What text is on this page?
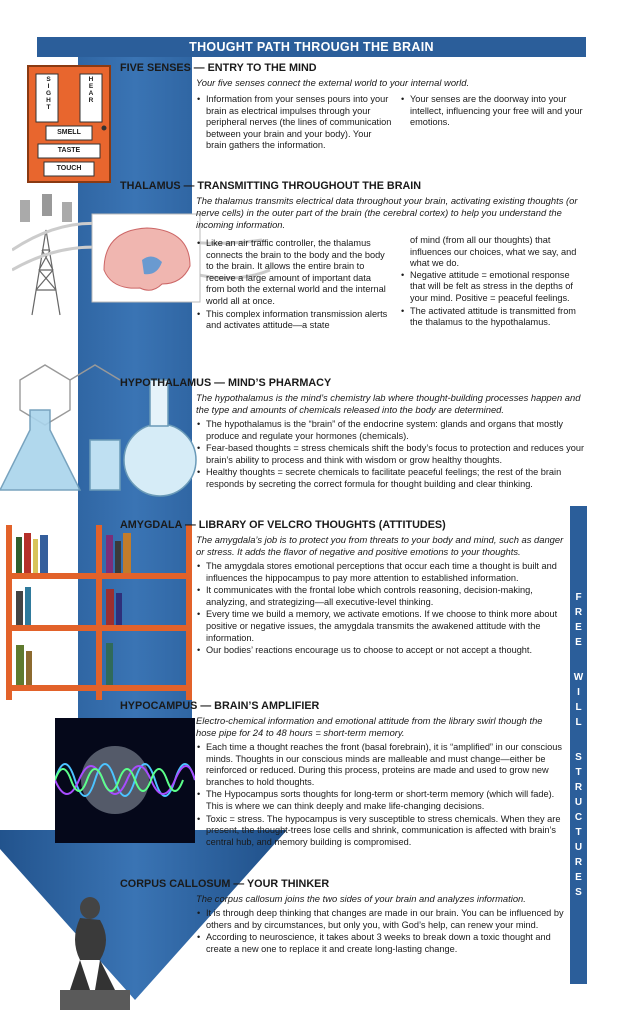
THOUGHT PATH THROUGH THE BRAIN
SIGHT	HEAR
SMELL
TASTE
TOUCH
FIVE SENSES — ENTRY TO THE MIND
Your five senses connect the external world to your internal world.
• Information from your senses pours into your brain as electrical impulses through your peripheral nerves (the lines of communication between your brain and your body). Your brain gathers the information.
• Your senses are the doorway into your intellect, influencing your free will and your emotions.
THALAMUS — TRANSMITTING THROUGHOUT THE BRAIN
The thalamus transmits electrical data throughout your brain, activating existing thoughts (or nerve cells) in the outer part of the brain (the cerebral cortex) to help you understand the incoming information.
• Like an air traffic controller, the thalamus connects the brain to the body and the body to the brain. It allows the entire brain to receive a large amount of important data from both the external world and the internal world all at once.
• This complex information transmission alerts and activates attitude—a state
of mind (from all our thoughts) that influences our choices, what we say, and what we do.
• Negative attitude = emotional response that will be felt as stress in the depths of your mind. Positive = peaceful feelings.
• The activated attitude is transmitted from the thalamus to the hypothalamus.
HYPOTHALAMUS — MIND’S PHARMACY
The hypothalamus is the mind’s chemistry lab where thought-building processes happen and the type and amounts of chemicals released into the body are determined.
• The hypothalamus is the “brain” of the endocrine system: glands and organs that mostly produce and regulate your hormones (chemicals).
• Fear-based thoughts = stress chemicals shift the body’s focus to protection and reduces your brain’s ability to process and think with wisdom or grow healthy thoughts.
• Healthy thoughts = secrete chemicals to facilitate peaceful feelings; the rest of the brain responds by secreting the correct formula for thought building and clear thinking.
AMYGDALA — LIBRARY OF VELCRO THOUGHTS (ATTITUDES)
The amygdala’s job is to protect you from threats to your body and mind, such as danger or stress. It adds the flavor of negative and positive emotions to your thoughts.
• The amygdala stores emotional perceptions that occur each time a thought is built and influences the hippocampus to pay more attention to established information.
• It communicates with the frontal lobe which controls reasoning, decision-making, analyzing, and strategizing—all executive-level thinking.
• Every time we build a memory, we activate emotions. If we choose to think more about positive or negative issues, the amygdala transmits the awakened attitude with the information.
• Our bodies’ reactions encourage us to choose to accept or not accept a thought.
HYPOCAMPUS — BRAIN’S AMPLIFIER
Electro-chemical information and emotional attitude from the library swirl though the hose pipe for 24 to 48 hours = short-term memory.
• Each time a thought reaches the front (basal forebrain), it is “amplified” in our conscious minds. Thoughts in our conscious minds are malleable and must change—either be reinforced or reduced. During this process, proteins are made and used to grow new branches to hold thoughts.
• The Hypocampus sorts thoughts for long-term or short-term memory (which will fade). This is where we can think deeply and make life-changing decisions.
• Toxic = stress. The hypocampus is very susceptible to stress chemicals. When they are present, the thought-trees lose cells and shrink, communication is affected with brain’s central hub, and memory building is compromised.
CORPUS CALLOSUM — YOUR THINKER
The corpus callosum joins the two sides of your brain and analyzes information.
• It is through deep thinking that changes are made in our brain. You can be influenced by others and by circumstances, but only you, with God’s help, can renew your mind.
• According to neuroscience, it takes about 3 weeks to break down a toxic thought and create a new one to replace it and create long-lasting change.
F
R
E
E
W
I
L
L
S
T
R
U
C
T
U
R
E
S
